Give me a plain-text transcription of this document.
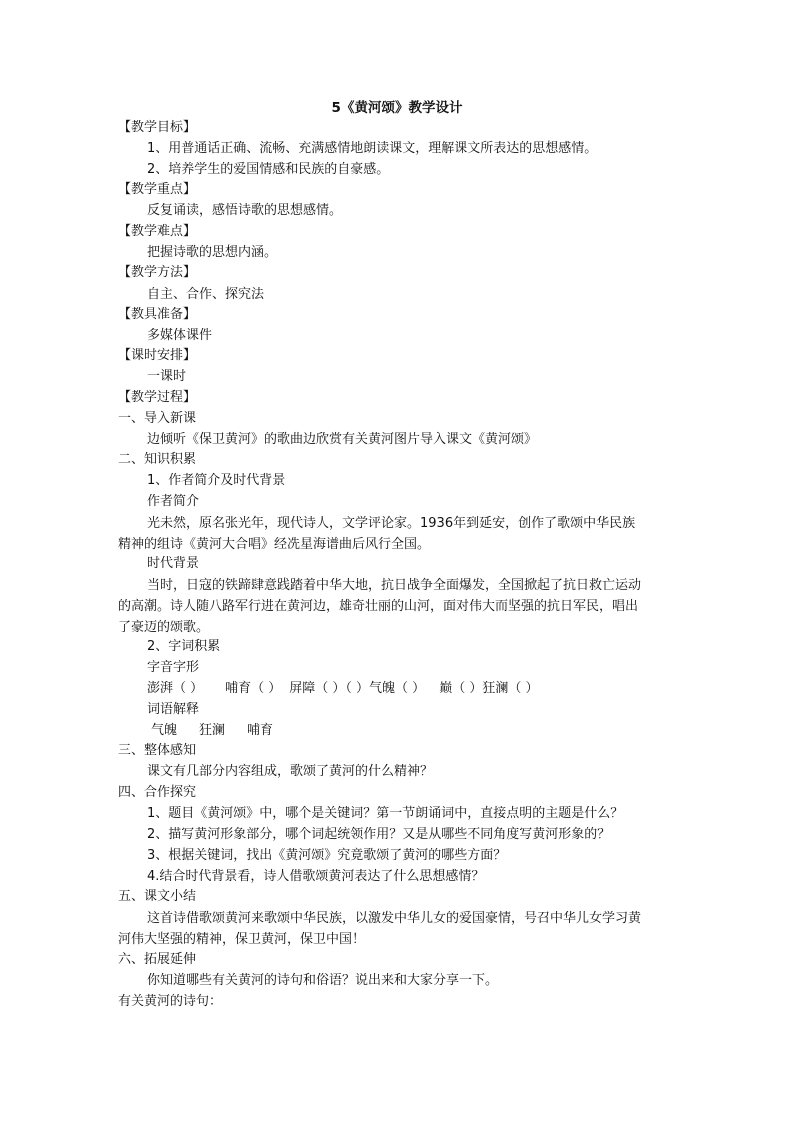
5《黄河颂》教学设计
【教学目标】
1、用普通话正确、流畅、充满感情地朗读课文，理解课文所表达的思想感情。
2、培养学生的爱国情感和民族的自豪感。
【教学重点】
反复诵读，感悟诗歌的思想感情。
【教学难点】
把握诗歌的思想内涵。
【教学方法】
自主、合作、探究法
【教具准备】
多媒体课件
【课时安排】
一课时
【教学过程】
一、导入新课
边倾听《保卫黄河》的歌曲边欣赏有关黄河图片导入课文《黄河颂》
二、知识积累
1、作者简介及时代背景
作者简介
光未然，原名张光年，现代诗人，文学评论家。1936年到延安，创作了歌颂中华民族精神的组诗《黄河大合唱》经冼星海谱曲后风行全国。
时代背景
当时，日寇的铁蹄肆意践踏着中华大地，抗日战争全面爆发，全国掀起了抗日救亡运动的高潮。诗人随八路军行进在黄河边，雄奇壮丽的山河，面对伟大而坚强的抗日军民，唱出了豪迈的颂歌。
2、字词积累
字音字形
澎湃（ ） 哺育（ ） 屏障（ ）（ ）气魄（ ） 巅（ ）狂澜（ ）
词语解释
气魄 狂澜 哺育
三、整体感知
课文有几部分内容组成，歌颂了黄河的什么精神？
四、合作探究
1、题目《黄河颂》中，哪个是关键词？第一节朗诵词中，直接点明的主题是什么？
2、描写黄河形象部分，哪个词起统领作用？又是从哪些不同角度写黄河形象的？
3、根据关键词，找出《黄河颂》究竟歌颂了黄河的哪些方面？
4.结合时代背景看，诗人借歌颂黄河表达了什么思想感情？
五、课文小结
这首诗借歌颂黄河来歌颂中华民族，以激发中华儿女的爱国豪情，号召中华儿女学习黄河伟大坚强的精神，保卫黄河，保卫中国！
六、拓展延伸
你知道哪些有关黄河的诗句和俗语？说出来和大家分享一下。
有关黄河的诗句：
